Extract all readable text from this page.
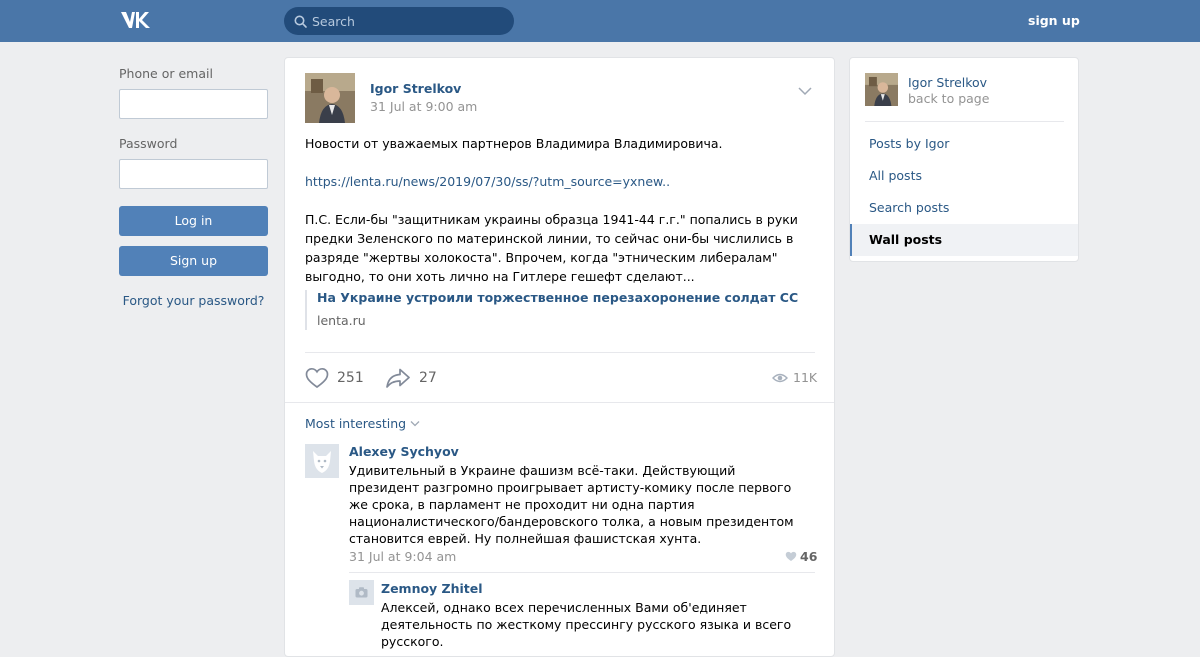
Search
sign up
Phone or email
Password
Log in
Sign up
Forgot your password?
Igor Strelkov
31 Jul at 9:00 am

Новости от уважаемых партнеров Владимира Владимировича.

https://lenta.ru/news/2019/07/30/ss/?utm_source=yxnew..

П.С. Если-бы "защитникам украины образца 1941-44 г.г." попались в руки предки Зеленского по материнской линии, то сейчас они-бы числились в разряде "жертвы холокоста". Впрочем, когда "этническим либералам" выгодно, то они хоть лично на Гитлере гешефт сделают...

На Украине устроили торжественное перезахоронение солдат СС
lenta.ru
251	27	11K
Most interesting
Alexey Sychyov
Удивительный в Украине фашизм всё-таки. Действующий президент разгромно проигрывает артисту-комику после первого же срока, в парламент не проходит ни одна партия националистического/бандеровского толка, а новым президентом становится еврей. Ну полнейшая фашистская хунта.
31 Jul at 9:04 am	46
Zemnoy Zhitel
Алексей, однако всех перечисленных Вами об'единяет деятельность по жесткому прессингу русского языка и всего русского.
Igor Strelkov
back to page
Posts by Igor
All posts
Search posts
Wall posts
